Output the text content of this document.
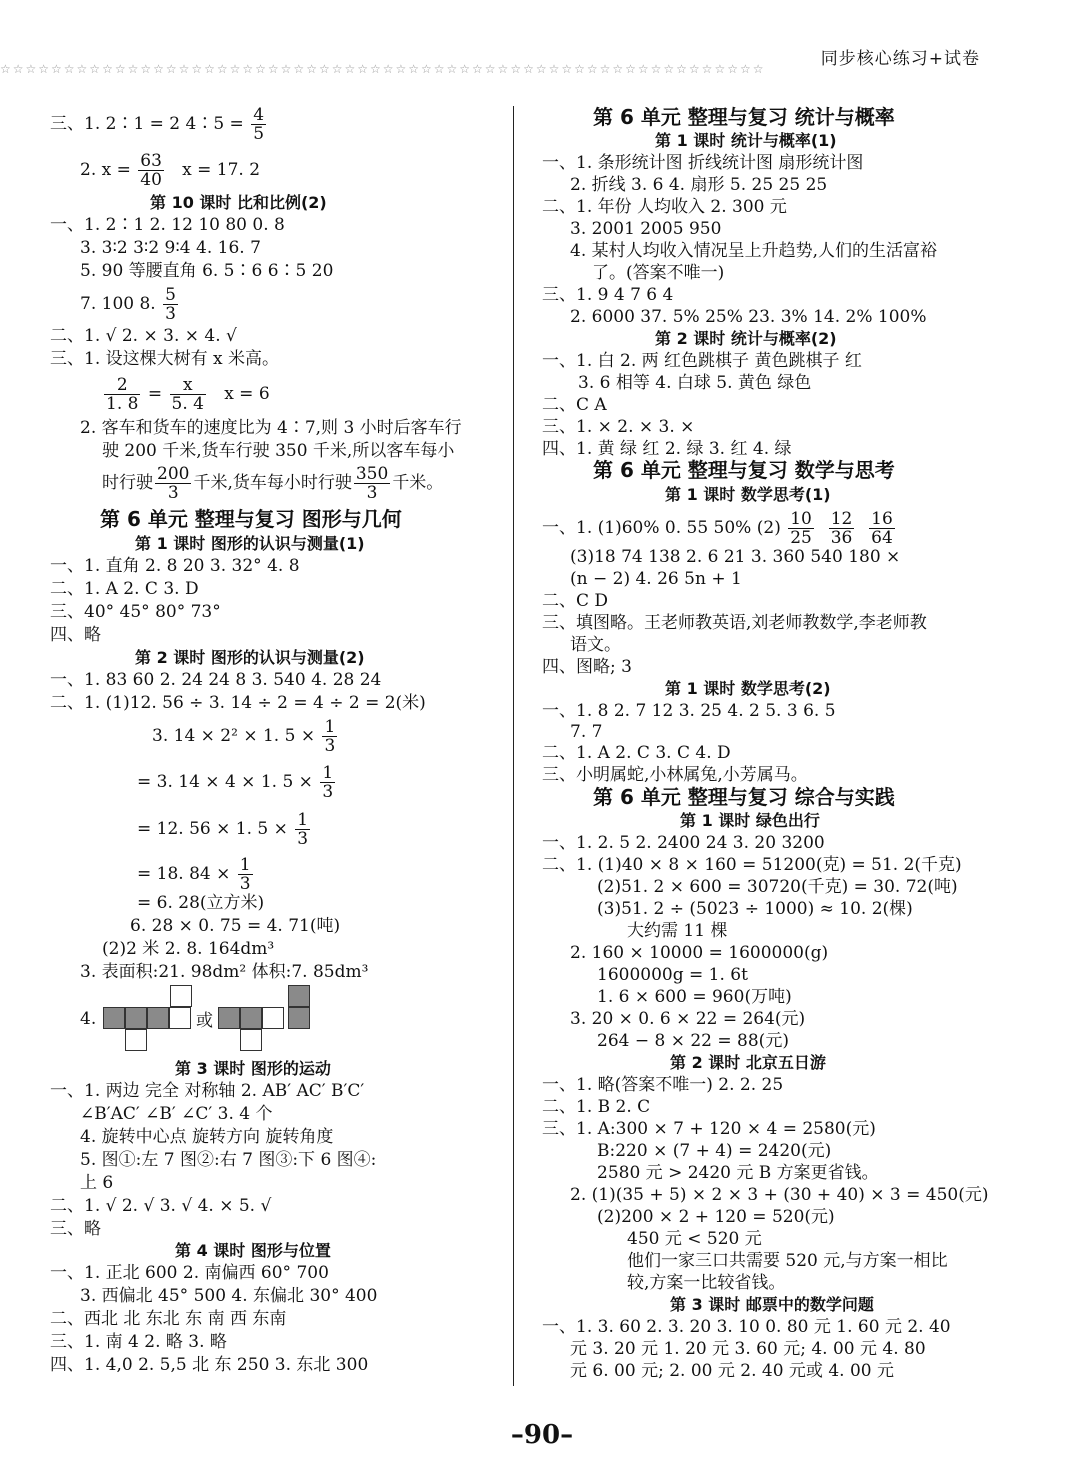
同步核心练习+试卷
☆☆☆☆☆☆☆☆☆☆☆☆☆☆☆☆☆☆☆☆☆☆☆☆☆☆☆☆☆☆☆☆☆☆☆☆☆☆☆☆☆☆☆☆☆☆☆☆☆☆☆☆☆☆☆☆☆☆☆☆
三、1. 2∶1 = 2 4∶5 = $\frac{4}{5}$
2. $x = \frac{63}{40}$ x = 17. 2
第 10 课时 比和比例(2)
一、1. 2∶1 2. 12 10 80 0. 8
3. 3∶2 3∶2 9∶4 4. 16. 7
5. 90 等腰直角 6. 5∶6 6∶5 20
7. 100 8. $\frac{5}{3}$
二、1. √ 2. × 3. × 4. √
三、1. 设这棵大树有 x 米高。
$\frac{2}{1. 8} = \frac{x}{5. 4}$ x = 6
2. 客车和货车的速度比为 4∶7,则 3 小时后客车行
驶 200 千米,货车行驶 350 千米,所以客车每小
时行驶 $\frac{200}{3}$ 千米,货车每小时行驶 $\frac{350}{3}$ 千米。
第 6 单元 整理与复习 图形与几何
第 1 课时 图形的认识与测量(1)
一、1. 直角 2. 8 20 3. 32° 4. 8
二、1. A 2. C 3. D
三、40° 45° 80° 73°
四、略
第 2 课时 图形的认识与测量(2)
一、1. 83 60 2. 24 24 8 3. 540 4. 28 24
二、1. (1)12. 56 ÷ 3. 14 ÷ 2 = 4 ÷ 2 = 2(米)
3. 14 × 2² × 1. $5 \times \frac{1}{3}$
= 3. 14 × 4 × 1. $5 \times \frac{1}{3}$
= 12. 56 × 1. $5 \times \frac{1}{3}$
= 18. $84 \times \frac{1}{3}$
= 6. 28(立方米)
6. 28 × 0. 75 = 4. 71(吨)
(2)2 米 2. 8. 164dm³
3. 表面积:21. 98dm² 体积:7. 85dm³
4.	或
第 3 课时 图形的运动
一、1. 两边 完全 对称轴 2. AB′ AC′ B′C′
∠B′AC′ ∠B′ ∠C′ 3. 4 个
4. 旋转中心点 旋转方向 旋转角度
5. 图①:左 7 图②:右 7 图③:下 6 图④:
上 6
二、1. √ 2. √ 3. √ 4. × 5. √
三、略
第 4 课时 图形与位置
一、1. 正北 600 2. 南偏西 60° 700
3. 西偏北 45° 500 4. 东偏北 30° 400
二、西北 北 东北 东 南 西 东南
三、1. 南 4 2. 略 3. 略
四、1. 4,0 2. 5,5 北 东 250 3. 东北 300
第 6 单元 整理与复习 统计与概率
第 1 课时 统计与概率(1)
一、1. 条形统计图 折线统计图 扇形统计图
2. 折线 3. 6 4. 扇形 5. 25 25 25
二、1. 年份 人均收入 2. 300 元
3. 2001 2005 950
4. 某村人均收入情况呈上升趋势,人们的生活富裕
了。(答案不唯一)
三、1. 9 4 7 6 4
2. 6000 37. 5% 25% 23. 3% 14. 2% 100%
第 2 课时 统计与概率(2)
一、1. 白 2. 两 红色跳棋子 黄色跳棋子 红
3. 6 相等 4. 白球 5. 黄色 绿色
二、C A
三、1. × 2. × 3. ×
四、1. 黄 绿 红 2. 绿 3. 红 4. 绿
第 6 单元 整理与复习 数学与思考
第 1 课时 数学思考(1)
一、1. (1)60% 0. 55 50% $(2) \frac{10}{25}$
$\frac{12}{36}$
$\frac{16}{64}$
(3)18 74 138 2. 6 21 3. 360 540 180 ×
(n − 2) 4. 26 5n + 1
二、C D
三、填图略。王老师教英语,刘老师教数学,李老师教
语文。
四、图略; 3
第 1 课时 数学思考(2)
一、1. 8 2. 7 12 3. 25 4. 2 5. 3 6. 5
7. 7
二、1. A 2. C 3. C 4. D
三、小明属蛇,小林属兔,小芳属马。
第 6 单元 整理与复习 综合与实践
第 1 课时 绿色出行
一、1. 2. 5 2. 2400 24 3. 20 3200
二、1. (1)40 × 8 × 160 = 51200(克) = 51. 2(千克)
(2)51. 2 × 600 = 30720(千克) = 30. 72(吨)
(3)51. 2 ÷ (5023 ÷ 1000) ≈ 10. 2(棵)
大约需 11 棵
2. 160 × 10000 = 1600000(g)
1600000g = 1. 6t
1. 6 × 600 = 960(万吨)
3. 20 × 0. 6 × 22 = 264(元)
264 − 8 × 22 = 88(元)
第 2 课时 北京五日游
一、1. 略(答案不唯一) 2. 2. 25
二、1. B 2. C
三、1. A:300 × 7 + 120 × 4 = 2580(元)
B:220 × (7 + 4) = 2420(元)
2580 元 > 2420 元 B 方案更省钱。
2. (1)(35 + 5) × 2 × 3 + (30 + 40) × 3 = 450(元)
(2)200 × 2 + 120 = 520(元)
450 元 < 520 元
他们一家三口共需要 520 元,与方案一相比
较,方案一比较省钱。
第 3 课时 邮票中的数学问题
一、1. 3. 60 2. 3. 20 3. 10 0. 80 元 1. 60 元 2. 40
元 3. 20 元 1. 20 元 3. 60 元; 4. 00 元 4. 80
元 6. 00 元; 2. 00 元 2. 40 元或 4. 00 元
–90–
